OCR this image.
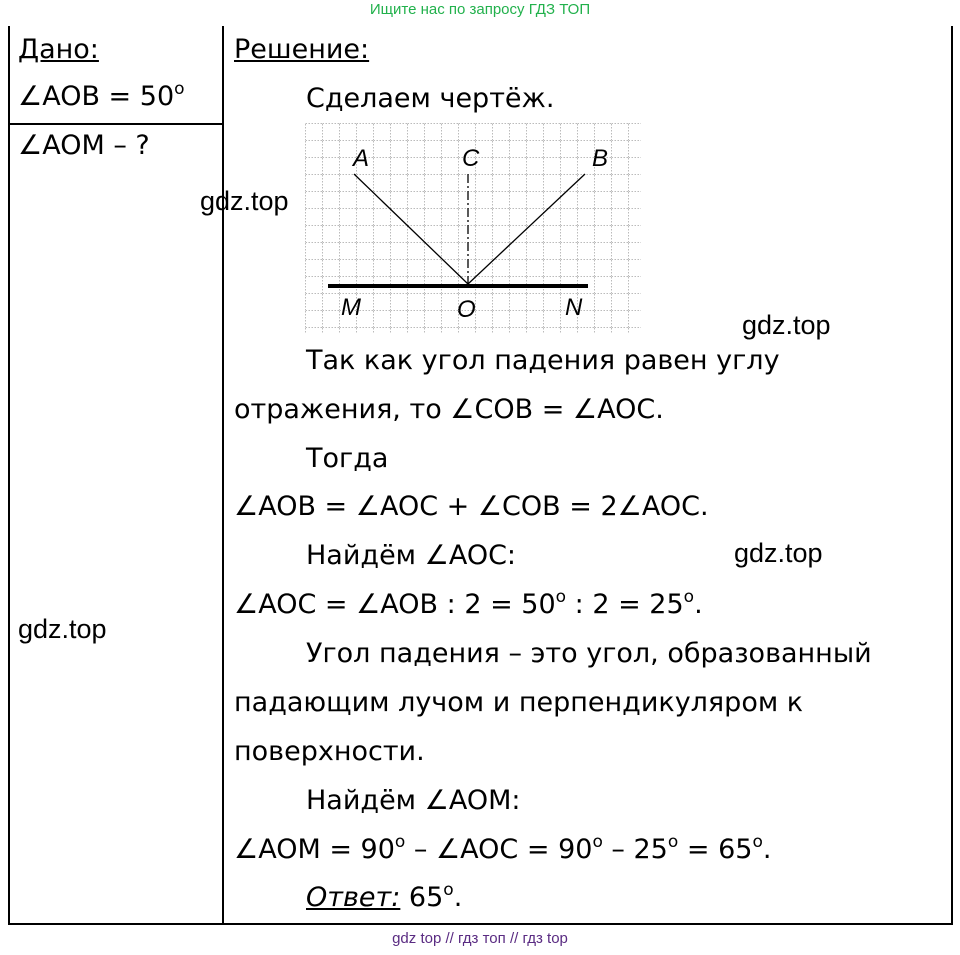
Ищите нас по запросу ГДЗ ТОП
Дано:
∠AOB = $50^o$
∠AOM – ?
Решение:
Сделаем чертёж.
A	C	B
M	O	N
Так как угол падения равен углу
отражения, то ∠COB = ∠AOC.
Тогда
∠AOB = ∠AOC + ∠COB = 2∠AOC.
Найдём ∠AOC:
∠AOC = ∠AOB : $2 = 50^o$ : $2 = 25^o$.
Угол падения – это угол, образованный
падающим лучом и перпендикуляром к
поверхности.
Найдём ∠AOM:
∠AOM = $90^o$ – ∠AOC = $90^o - 25^o = 65^o$.
Ответ: 65$^o$.
gdz.top
gdz.top
gdz.top
gdz.top
gdz top // гдз топ // гдз top
